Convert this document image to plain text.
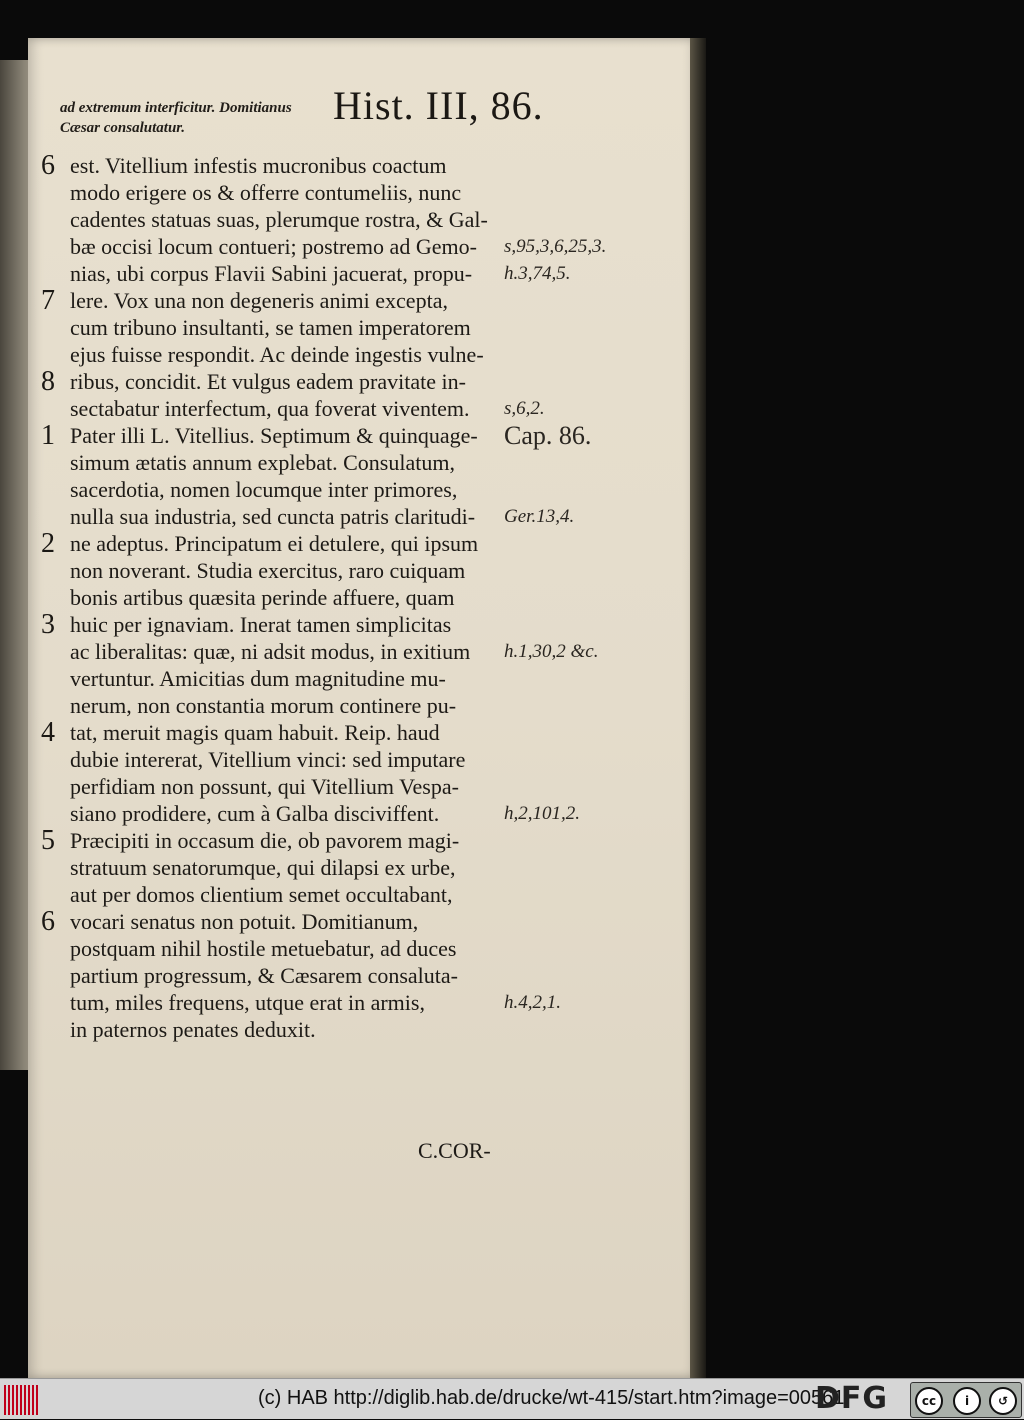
ad extremum interficitur. Domitianus Cæsar consalutatur.	Hist. III, 86.
6 est. Vitellium infestis mucronibus coactum
modo erigere os & offerre contumeliis, nunc
cadentes statuas suas, plerumque rostra, & Gal-
bæ occisi locum contueri; postremo ad Gemo-	s,95,3,6,25,3.
nias, ubi corpus Flavii Sabini jacuerat, propu-	h.3,74,5.
7 lere. Vox una non degeneris animi excepta,
cum tribuno insultanti, se tamen imperatorem
ejus fuisse respondit. Ac deinde ingestis vulne-
8 ribus, concidit. Et vulgus eadem pravitate in-
sectabatur interfectum, qua foverat viventem.	s,6,2.
1 Pater illi L. Vitellius. Septimum & quinquage-	Cap. 86.
simum ætatis annum explebat. Consulatum,
sacerdotia, nomen locumque inter primores,
nulla sua industria, sed cuncta patris claritudi-	Ger.13,4.
2 ne adeptus. Principatum ei detulere, qui ipsum
non noverant. Studia exercitus, raro cuiquam
bonis artibus quæsita perinde affuere, quam
3 huic per ignaviam. Inerat tamen simplicitas
ac liberalitas: quæ, ni adsit modus, in exitium	h.1,30,2 &c.
vertuntur. Amicitias dum magnitudine mu-
nerum, non constantia morum continere pu-
4 tat, meruit magis quam habuit. Reip. haud
dubie intererat, Vitellium vinci: sed imputare
perfidiam non possunt, qui Vitellium Vespa-
siano prodidere, cum à Galba disciviffent.	h,2,101,2.
5 Præcipiti in occasum die, ob pavorem magi-
stratuum senatorumque, qui dilapsi ex urbe,
aut per domos clientium semet occultabant,
6 vocari senatus non potuit. Domitianum,
postquam nihil hostile metuebatur, ad duces
partium progressum, & Cæsarem consaluta-
tum, miles frequens, utque erat in armis,	h.4,2,1.
in paternos penates deduxit.
C.COR-
(c) HAB http://diglib.hab.de/drucke/wt-415/start.htm?image=00561
DFG	cc	i	↺
